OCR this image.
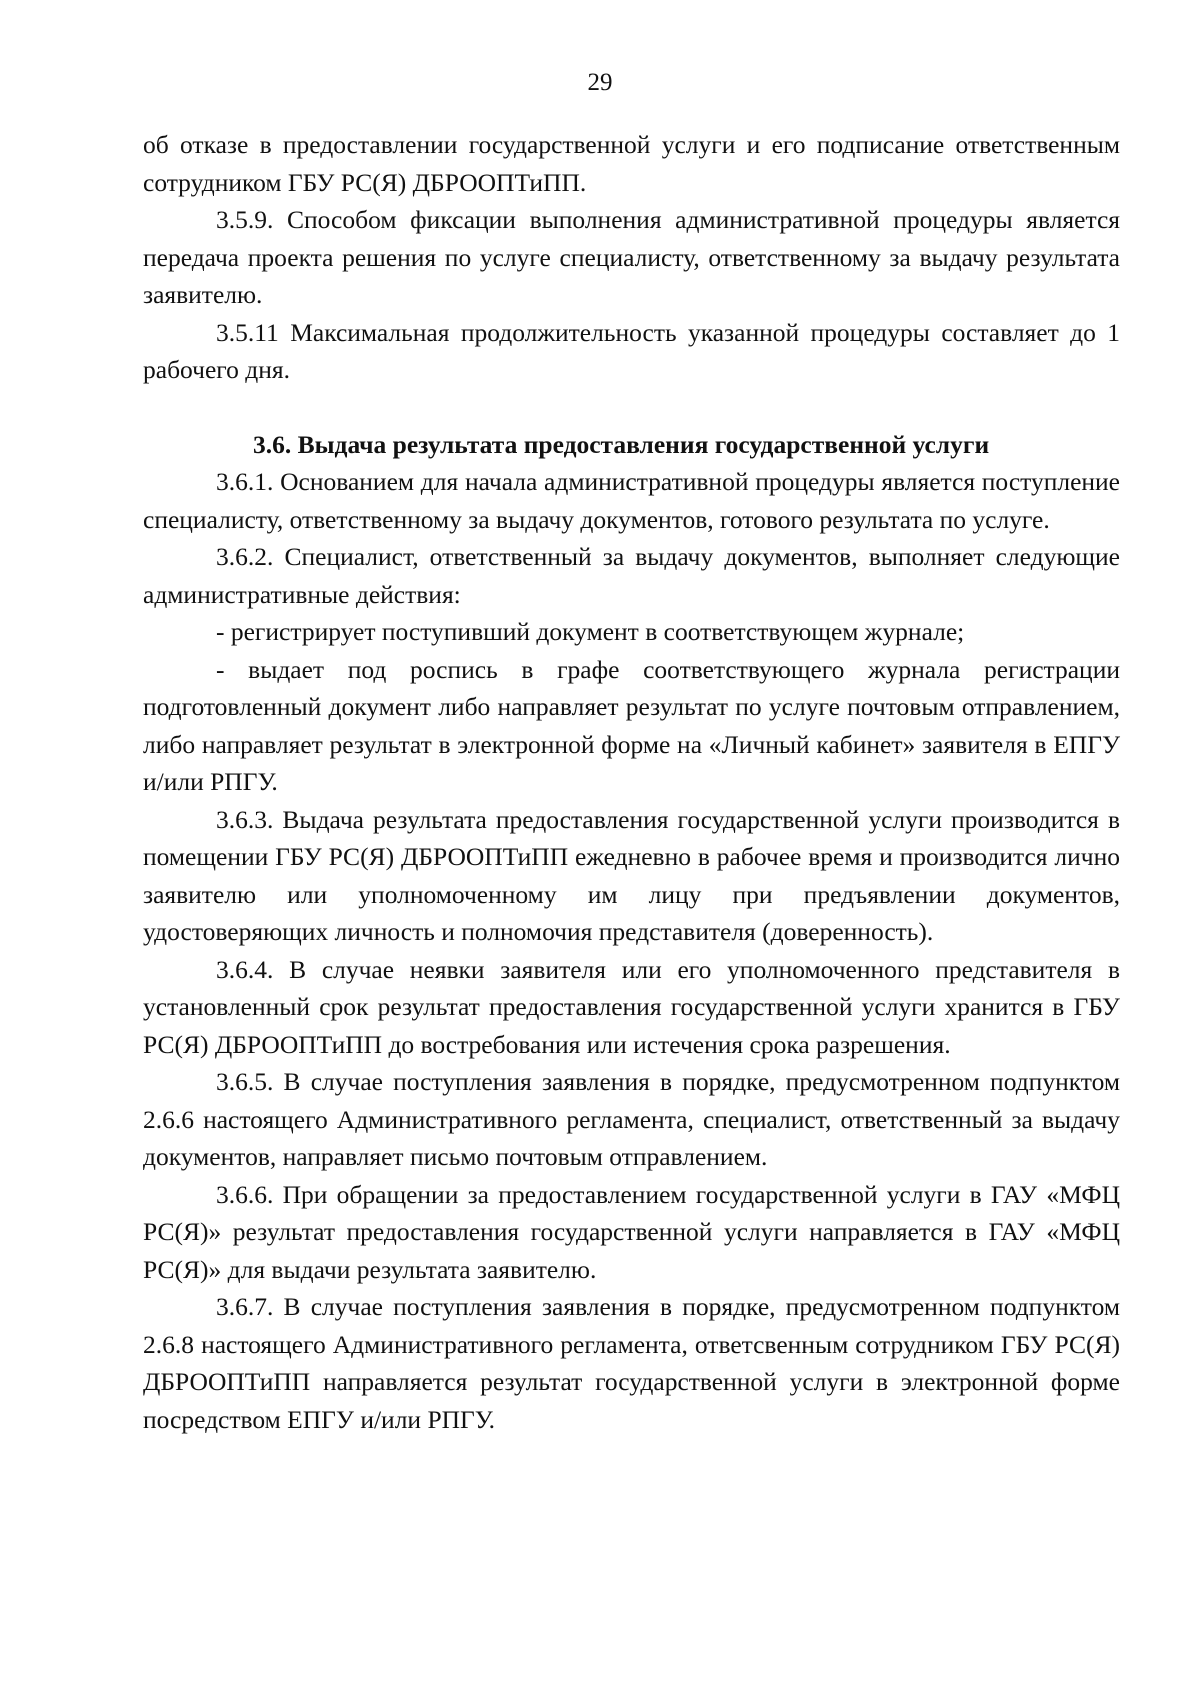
29

об отказе в предоставлении государственной услуги и его подписание ответственным сотрудником ГБУ РС(Я) ДБРООПТиПП.

3.5.9. Способом фиксации выполнения административной процедуры является передача проекта решения по услуге специалисту, ответственному за выдачу результата заявителю.

3.5.11 Максимальная продолжительность указанной процедуры составляет до 1 рабочего дня.

3.6. Выдача результата предоставления государственной услуги

3.6.1. Основанием для начала административной процедуры является поступление специалисту, ответственному за выдачу документов, готового результата по услуге.

3.6.2. Специалист, ответственный за выдачу документов, выполняет следующие административные действия:

- регистрирует поступивший документ в соответствующем журнале;

- выдает под роспись в графе соответствующего журнала регистрации подготовленный документ либо направляет результат по услуге почтовым отправлением, либо направляет результат в электронной форме на «Личный кабинет» заявителя в ЕПГУ и/или РПГУ.

3.6.3. Выдача результата предоставления государственной услуги производится в помещении ГБУ РС(Я) ДБРООПТиПП ежедневно в рабочее время и производится лично заявителю или уполномоченному им лицу при предъявлении документов, удостоверяющих личность и полномочия представителя (доверенность).

3.6.4. В случае неявки заявителя или его уполномоченного представителя в установленный срок результат предоставления государственной услуги хранится в ГБУ РС(Я) ДБРООПТиПП до востребования или истечения срока разрешения.

3.6.5. В случае поступления заявления в порядке, предусмотренном подпунктом 2.6.6 настоящего Административного регламента, специалист, ответственный за выдачу документов, направляет письмо почтовым отправлением.

3.6.6. При обращении за предоставлением государственной услуги в ГАУ «МФЦ РС(Я)» результат предоставления государственной услуги направляется в ГАУ «МФЦ РС(Я)» для выдачи результата заявителю.

3.6.7. В случае поступления заявления в порядке, предусмотренном подпунктом 2.6.8 настоящего Административного регламента, ответсвенным сотрудником ГБУ РС(Я) ДБРООПТиПП направляется результат государственной услуги в электронной форме посредством ЕПГУ и/или РПГУ.
